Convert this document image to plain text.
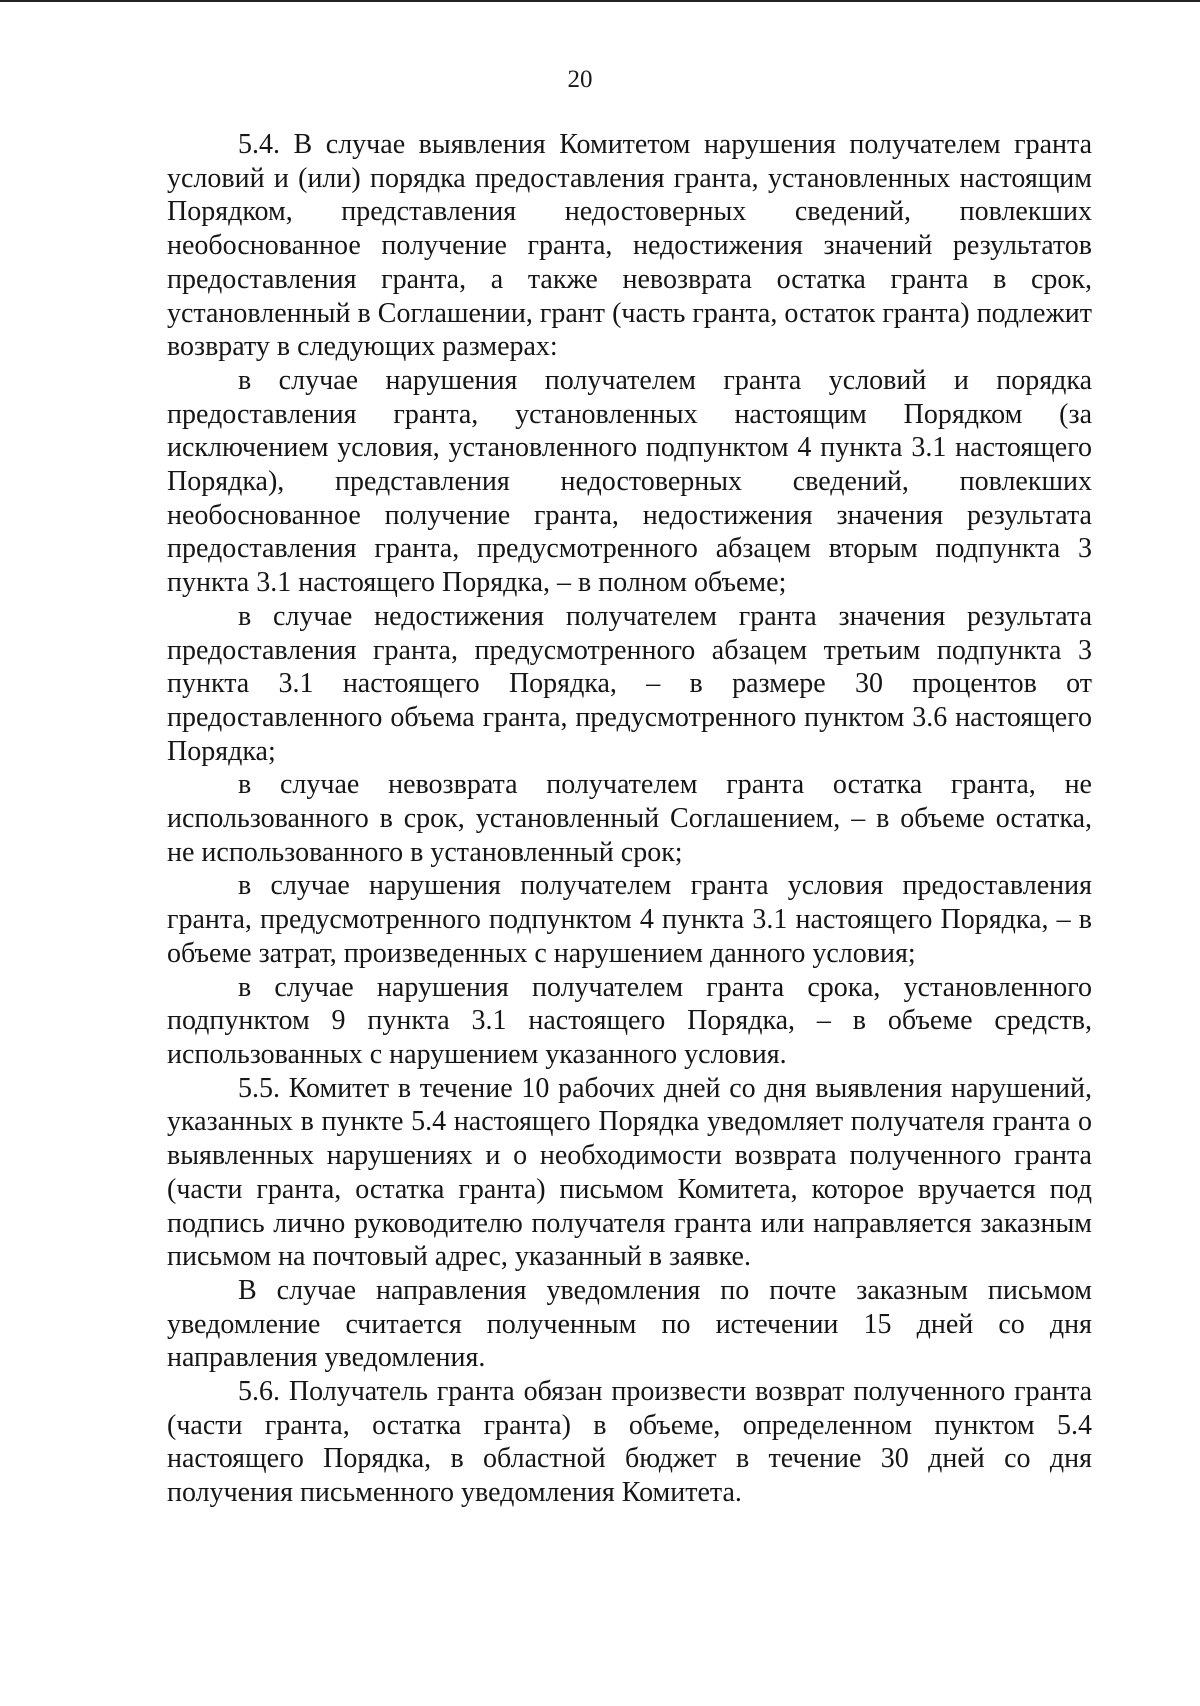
20

5.4. В случае выявления Комитетом нарушения получателем гранта условий и (или) порядка предоставления гранта, установленных настоящим Порядком, представления недостоверных сведений, повлекших необоснованное получение гранта, недостижения значений результатов предоставления гранта, а также невозврата остатка гранта в срок, установленный в Соглашении, грант (часть гранта, остаток гранта) подлежит возврату в следующих размерах:

в случае нарушения получателем гранта условий и порядка предоставления гранта, установленных настоящим Порядком (за исключением условия, установленного подпунктом 4 пункта 3.1 настоящего Порядка), представления недостоверных сведений, повлекших необоснованное получение гранта, недостижения значения результата предоставления гранта, предусмотренного абзацем вторым подпункта 3 пункта 3.1 настоящего Порядка, – в полном объеме;

в случае недостижения получателем гранта значения результата предоставления гранта, предусмотренного абзацем третьим подпункта 3 пункта 3.1 настоящего Порядка, – в размере 30 процентов от предоставленного объема гранта, предусмотренного пунктом 3.6 настоящего Порядка;

в случае невозврата получателем гранта остатка гранта, не использованного в срок, установленный Соглашением, – в объеме остатка, не использованного в установленный срок;

в случае нарушения получателем гранта условия предоставления гранта, предусмотренного подпунктом 4 пункта 3.1 настоящего Порядка, – в объеме затрат, произведенных с нарушением данного условия;

в случае нарушения получателем гранта срока, установленного подпунктом 9 пункта 3.1 настоящего Порядка, – в объеме средств, использованных с нарушением указанного условия.

5.5. Комитет в течение 10 рабочих дней со дня выявления нарушений, указанных в пункте 5.4 настоящего Порядка уведомляет получателя гранта о выявленных нарушениях и о необходимости возврата полученного гранта (части гранта, остатка гранта) письмом Комитета, которое вручается под подпись лично руководителю получателя гранта или направляется заказным письмом на почтовый адрес, указанный в заявке.

В случае направления уведомления по почте заказным письмом уведомление считается полученным по истечении 15 дней со дня направления уведомления.

5.6. Получатель гранта обязан произвести возврат полученного гранта (части гранта, остатка гранта) в объеме, определенном пунктом 5.4 настоящего Порядка, в областной бюджет в течение 30 дней со дня получения письменного уведомления Комитета.
